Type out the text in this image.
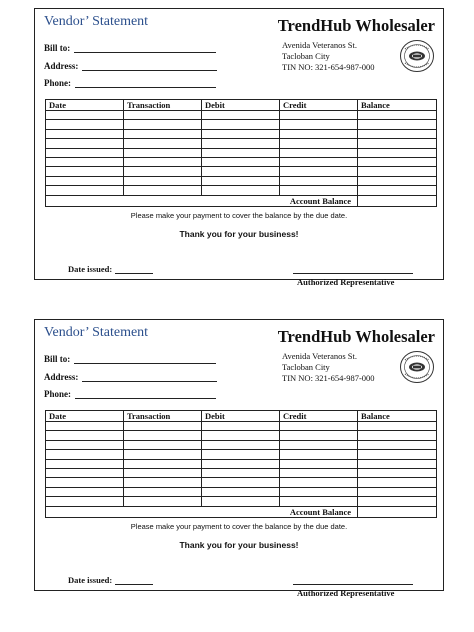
Vendor’ Statement	TrendHub Wholesaler
Bill to:
Address:
Phone:
Avenida Veteranos St.
Tacloban City
TIN NO: 321-654-987-000
Date	Transaction	Debit	Credit	Balance

Account Balance				
Please make your payment to cover the balance by the due date.
Thank you for your business!
Date issued:
Authorized Representative
Vendor’ Statement	TrendHub Wholesaler
Bill to:
Address:
Phone:
Avenida Veteranos St.
Tacloban City
TIN NO: 321-654-987-000
Date	Transaction	Debit	Credit	Balance

Account Balance				
Please make your payment to cover the balance by the due date.
Thank you for your business!
Date issued:
Authorized Representative
